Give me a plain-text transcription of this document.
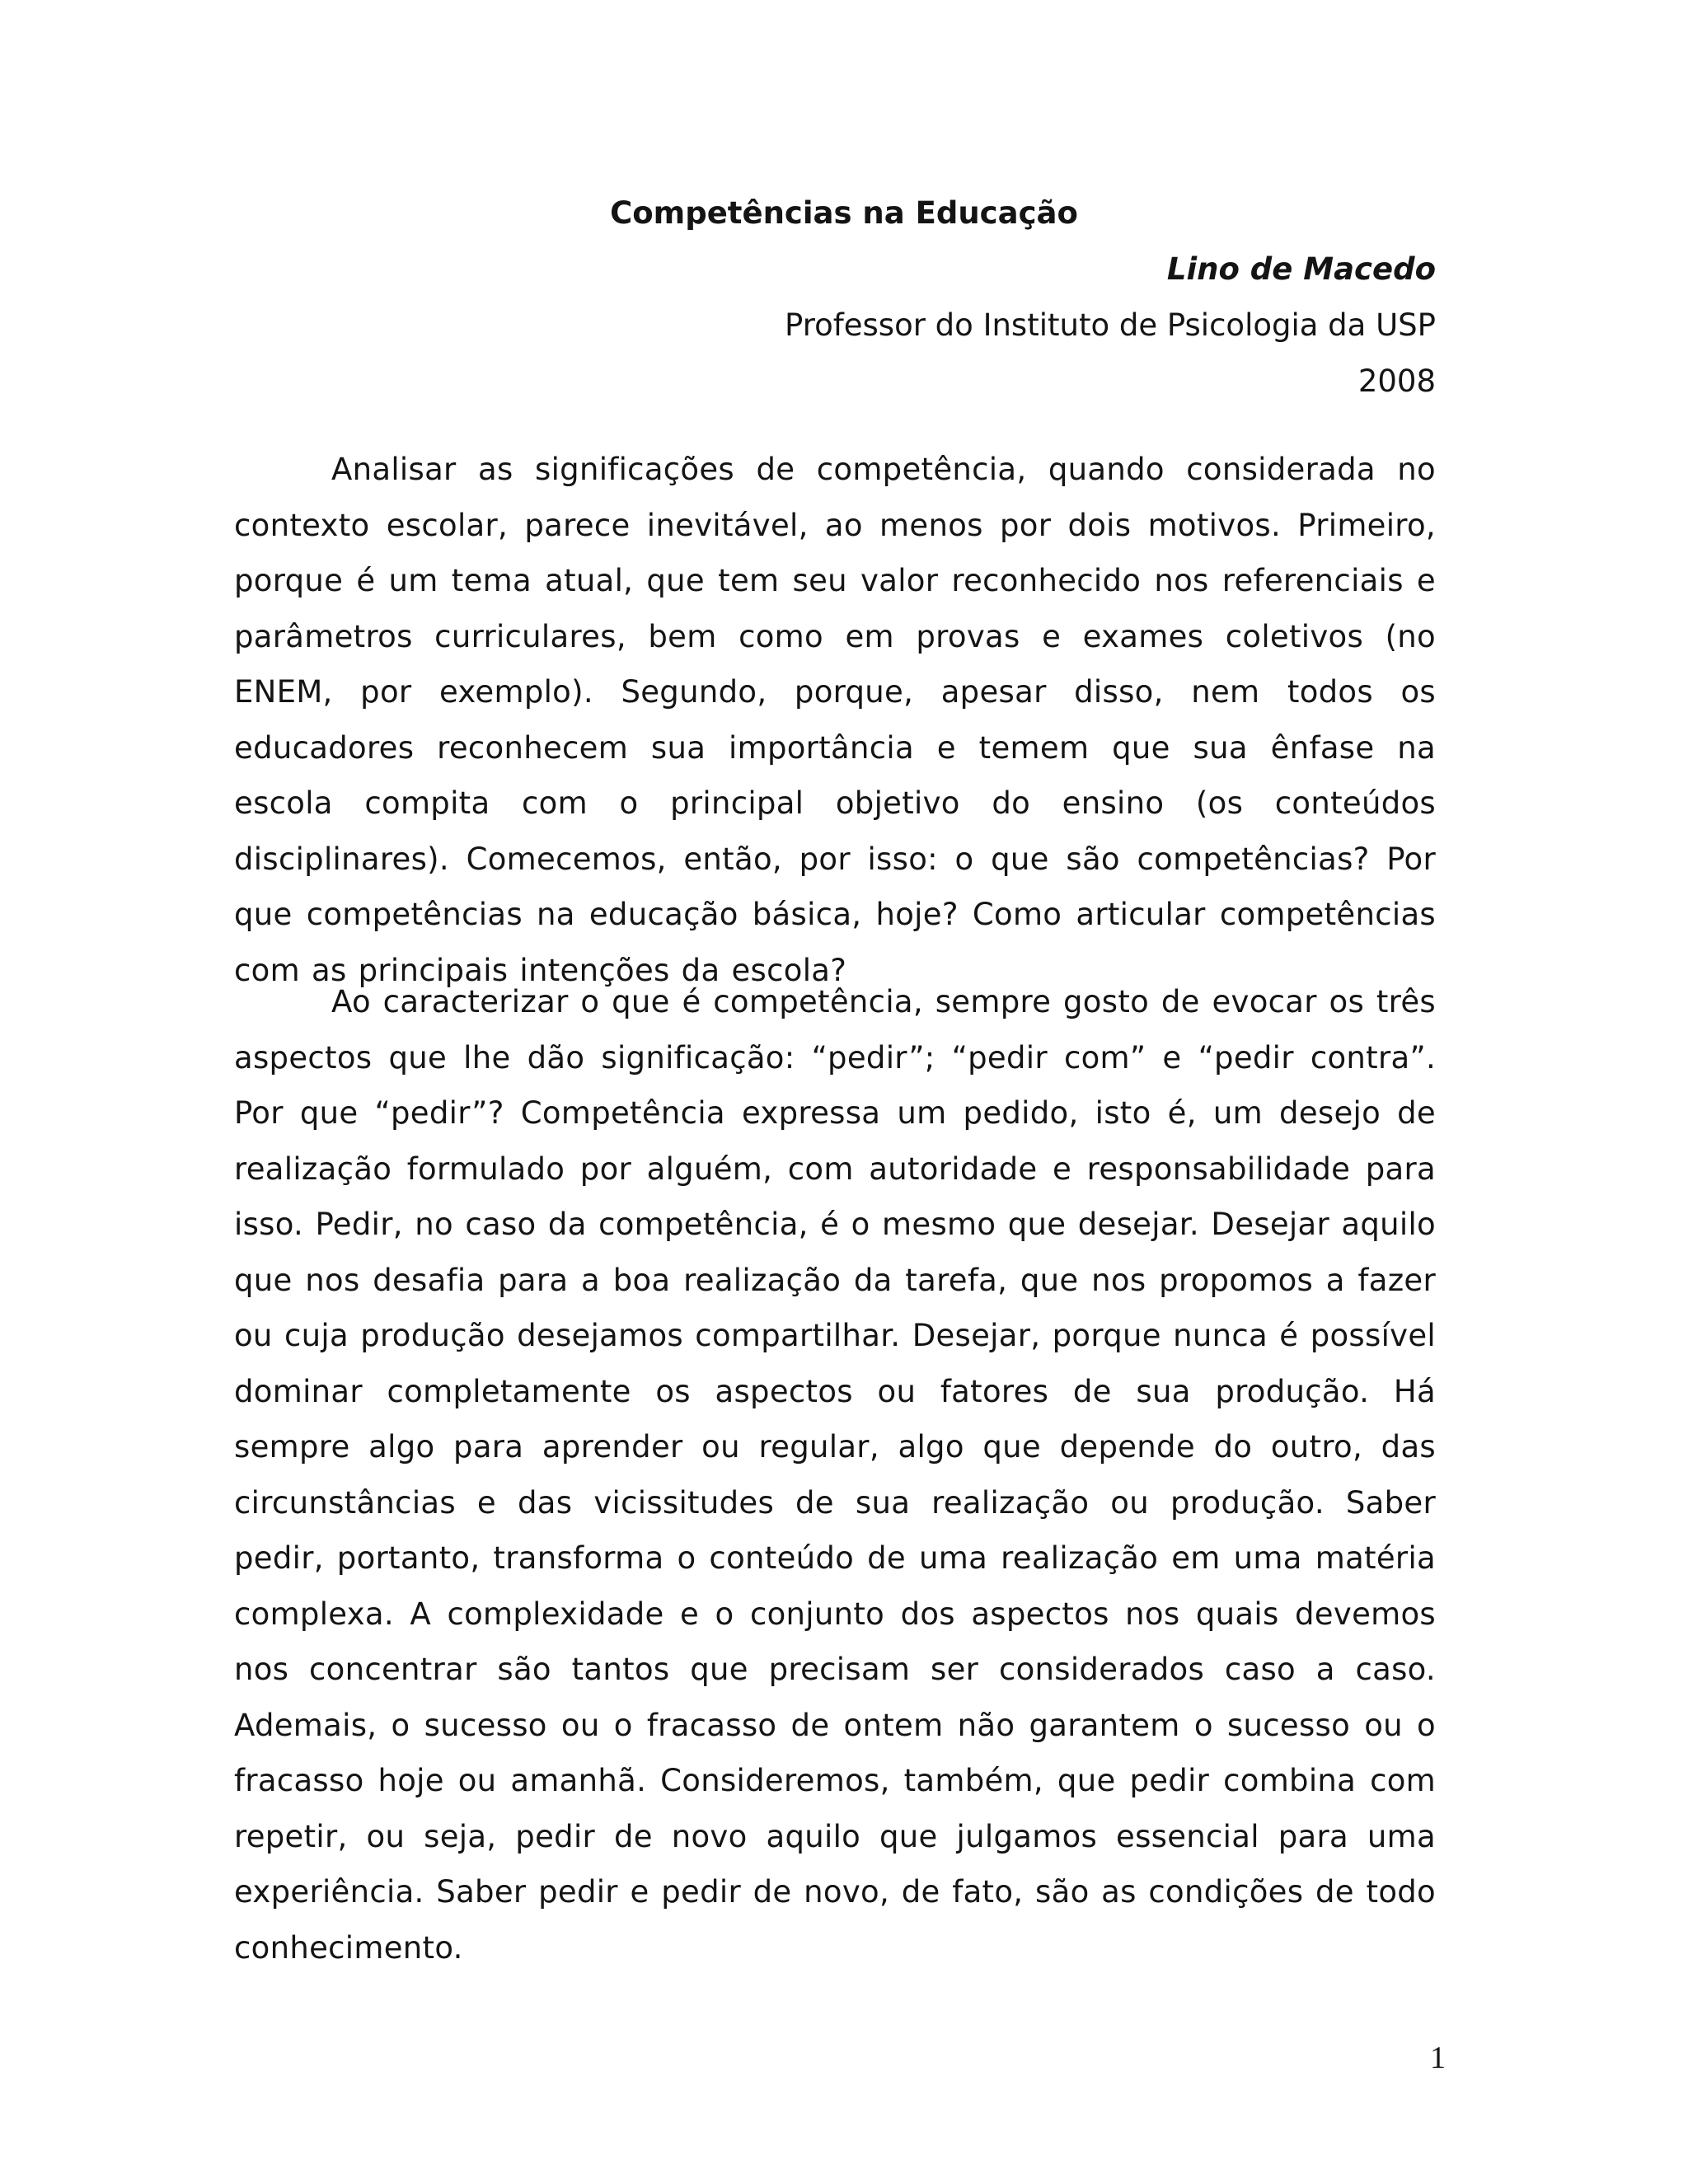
Competências na Educação

Lino de Macedo

Professor do Instituto de Psicologia da USP

2008

Analisar as significações de competência, quando considerada no contexto escolar, parece inevitável, ao menos por dois motivos. Primeiro, porque é um tema atual, que tem seu valor reconhecido nos referenciais e parâmetros curriculares, bem como em provas e exames coletivos (no ENEM, por exemplo). Segundo, porque, apesar disso, nem todos os educadores reconhecem sua importância e temem que sua ênfase na escola compita com o principal objetivo do ensino (os conteúdos disciplinares). Comecemos, então, por isso: o que são competências? Por que competências na educação básica, hoje? Como articular competências com as principais intenções da escola?

Ao caracterizar o que é competência, sempre gosto de evocar os três aspectos que lhe dão significação: “pedir”; “pedir com” e “pedir contra”. Por que “pedir”? Competência expressa um pedido, isto é, um desejo de realização formulado por alguém, com autoridade e responsabilidade para isso. Pedir, no caso da competência, é o mesmo que desejar. Desejar aquilo que nos desafia para a boa realização da tarefa, que nos propomos a fazer ou cuja produção desejamos compartilhar. Desejar, porque nunca é possível dominar completamente os aspectos ou fatores de sua produção. Há sempre algo para aprender ou regular, algo que depende do outro, das circunstâncias e das vicissitudes de sua realização ou produção. Saber pedir, portanto, transforma o conteúdo de uma realização em uma matéria complexa. A complexidade e o conjunto dos aspectos nos quais devemos nos concentrar são tantos que precisam ser considerados caso a caso. Ademais, o sucesso ou o fracasso de ontem não garantem o sucesso ou o fracasso hoje ou amanhã. Consideremos, também, que pedir combina com repetir, ou seja, pedir de novo aquilo que julgamos essencial para uma experiência. Saber pedir e pedir de novo, de fato, são as condições de todo conhecimento.

1
